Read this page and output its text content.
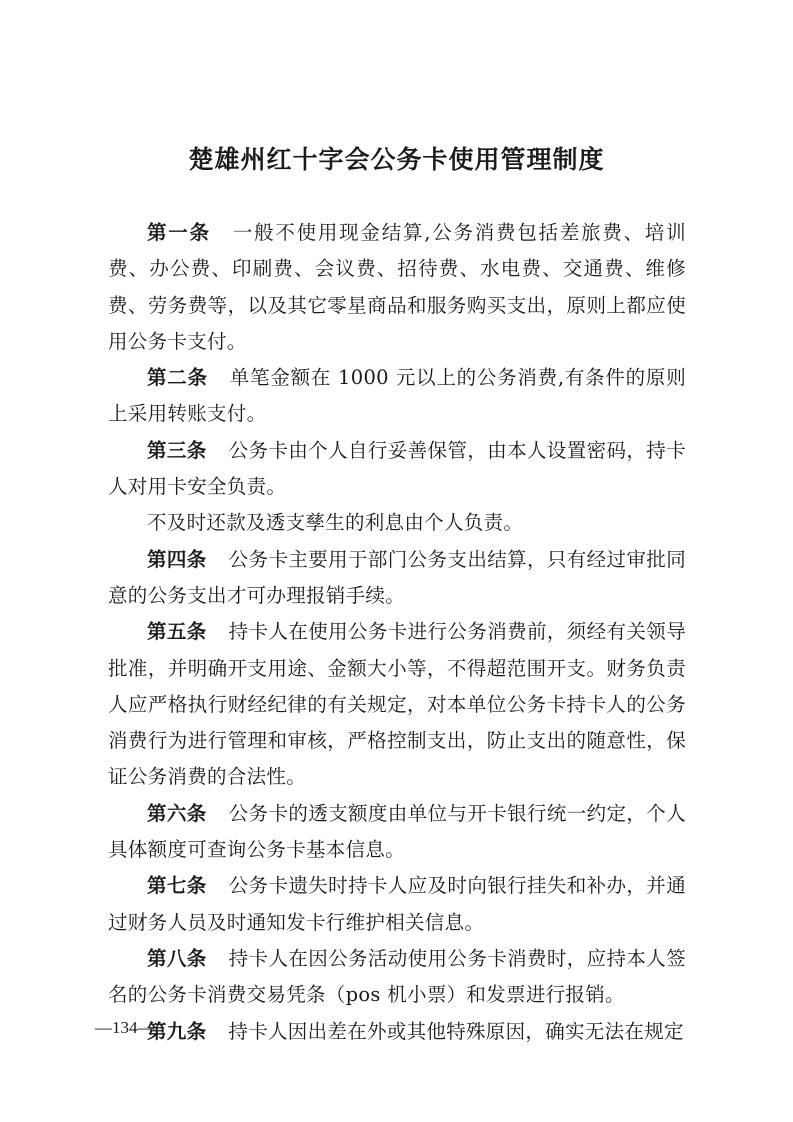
楚雄州红十字会公务卡使用管理制度

第一条 一般不使用现金结算,公务消费包括差旅费、培训费、办公费、印刷费、会议费、招待费、水电费、交通费、维修费、劳务费等，以及其它零星商品和服务购买支出，原则上都应使用公务卡支付。

第二条 单笔金额在 1000 元以上的公务消费,有条件的原则上采用转账支付。

第三条 公务卡由个人自行妥善保管，由本人设置密码，持卡人对用卡安全负责。

不及时还款及透支孳生的利息由个人负责。

第四条 公务卡主要用于部门公务支出结算，只有经过审批同意的公务支出才可办理报销手续。

第五条 持卡人在使用公务卡进行公务消费前，须经有关领导批准，并明确开支用途、金额大小等，不得超范围开支。财务负责人应严格执行财经纪律的有关规定，对本单位公务卡持卡人的公务消费行为进行管理和审核，严格控制支出，防止支出的随意性，保证公务消费的合法性。

第六条 公务卡的透支额度由单位与开卡银行统一约定，个人具体额度可查询公务卡基本信息。

第七条 公务卡遗失时持卡人应及时向银行挂失和补办，并通过财务人员及时通知发卡行维护相关信息。

第八条 持卡人在因公务活动使用公务卡消费时，应持本人签名的公务卡消费交易凭条（pos 机小票）和发票进行报销。

第九条 持卡人因出差在外或其他特殊原因，确实无法在规定

—134—
